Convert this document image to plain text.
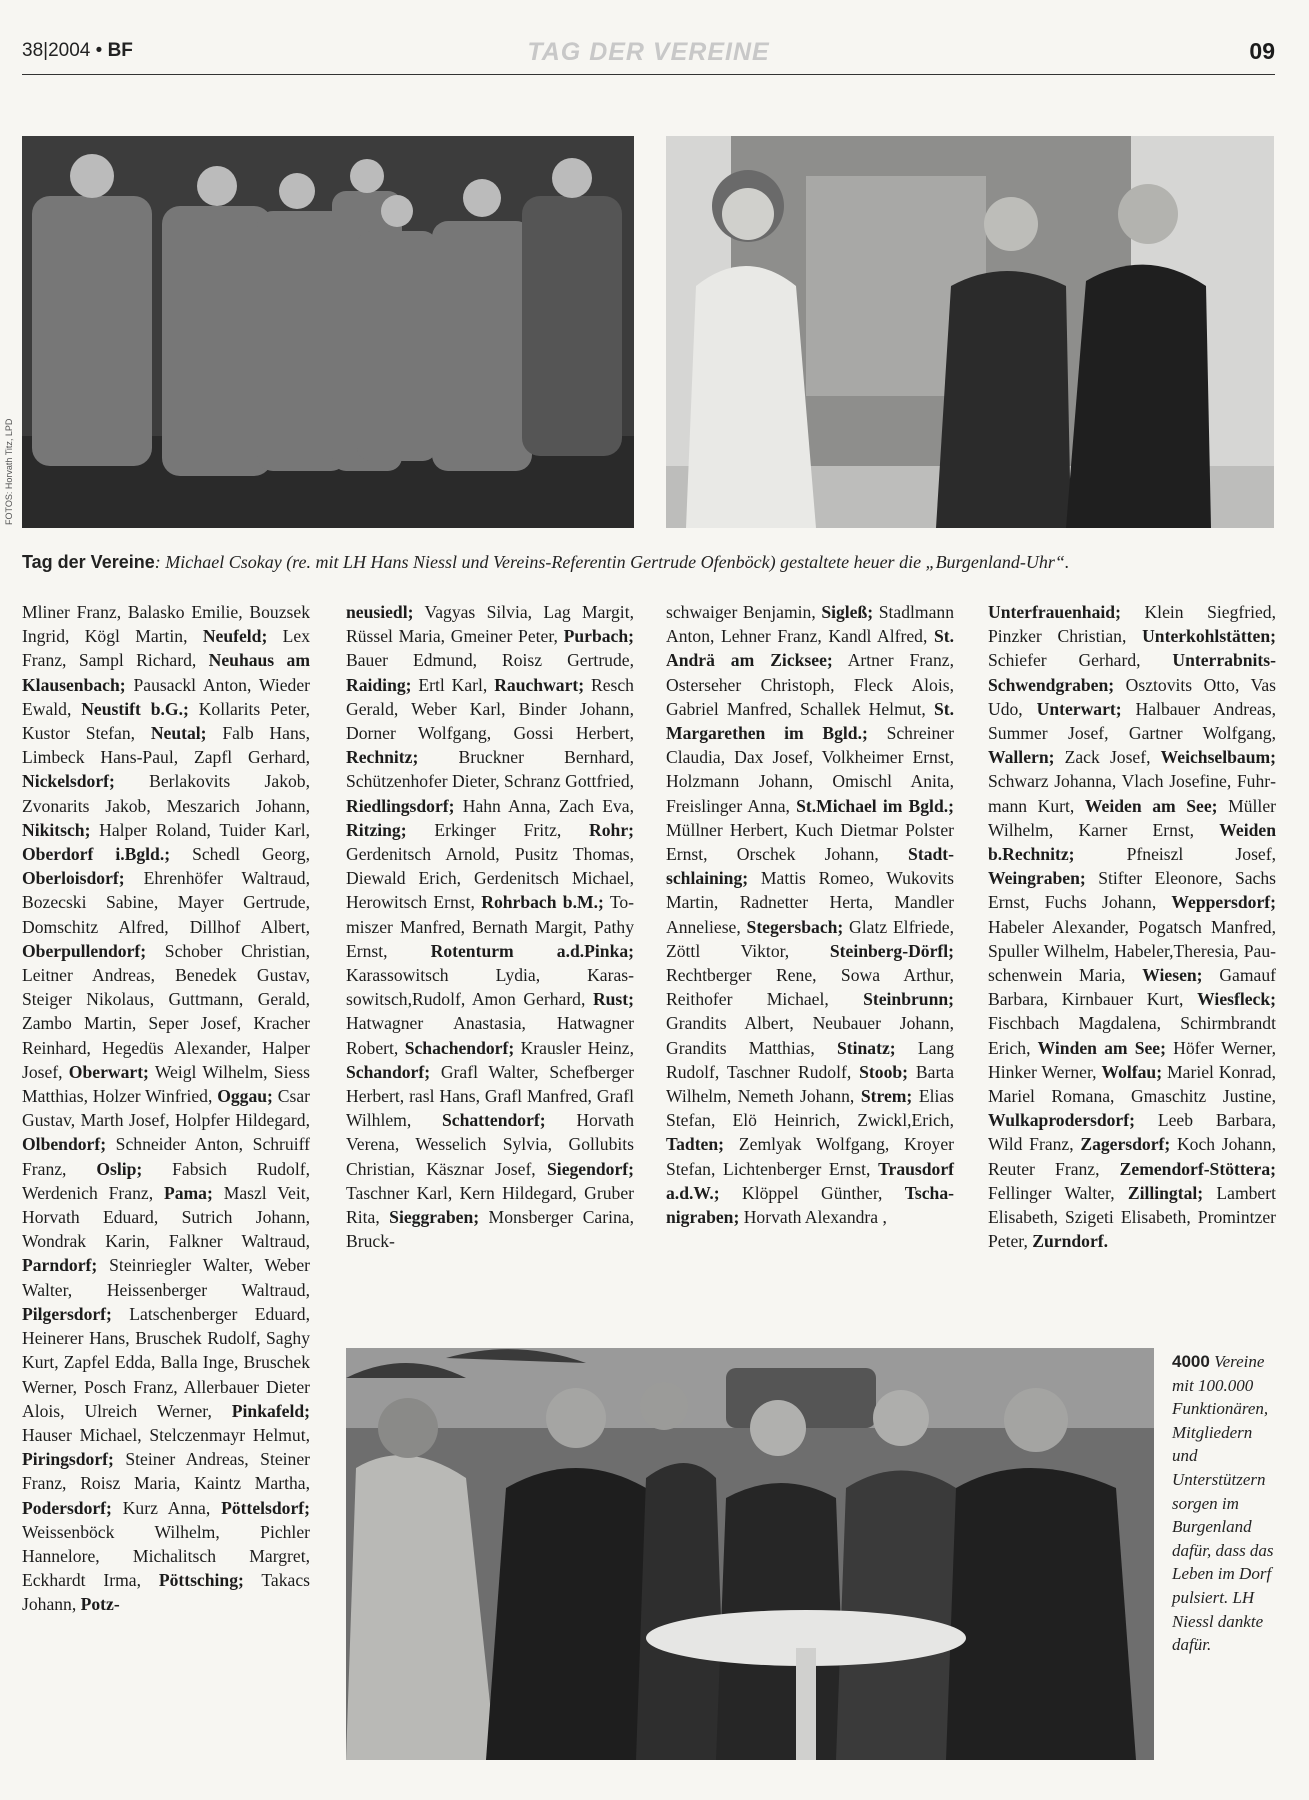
38|2004 • BF	TAG DER VEREINE	09
FOTOS: Horvath Titz, LPD
Tag der Vereine: Michael Csokay (re. mit LH Hans Niessl und Vereins-Referentin Gertrude Ofenböck) gestaltete heuer die „Burgenland-Uhr“.
Mliner Franz, Balasko Emilie, Bouzsek Ingrid, Kögl Martin, Neufeld; Lex Franz, Sampl Richard, Neuhaus am Klausenbach; Pausackl Anton, Wieder Ewald, Neustift b.G.; Kollarits Peter, Kustor Stefan, Neutal; Falb Hans, Limbeck Hans-Paul, Zapfl Gerhard, Nickelsdorf; Berlakovits Jakob, Zvonarits Jakob, Meszarich Johann, Nikitsch; Halper Roland, Tuider Karl, Oberdorf i.Bgld.; Schedl Georg, Oberloisdorf; Ehrenhöfer Waltraud, Bozecski Sabine, Mayer Gertrude, Domschitz Alfred, Dillhof Albert, Oberpullendorf; Schober Christian, Leitner Andreas, Benedek Gustav, Steiger Nikolaus, Guttmann, Gerald, Zambo Martin, Seper Josef, Kracher Reinhard, Hegedüs Alexander, Halper Josef, Oberwart; Weigl Wilhelm, Siess Matthias, Holzer Winfried, Oggau; Csar Gustav, Marth Josef, Holpfer Hildegard, Olbendorf; Schneider Anton, Schruiff Franz, Oslip; Fabsich Rudolf, Werdenich Franz, Pama; Maszl Veit, Horvath Eduard, Sutrich Johann, Wondrak Karin, Falkner Waltraud, Parndorf; Steinriegler Walter, Weber Walter, Heissenberger Waltraud, Pilgersdorf; Latschenberger Eduard, Heinerer Hans, Bruschek Rudolf, Saghy Kurt, Zapfel Edda, Balla Inge, Bruschek Werner, Posch Franz, Allerbauer Dieter Alois, Ulreich Werner, Pinkafeld; Hauser Michael, Stelczenmayr Helmut, Piringsdorf; Steiner Andreas, Steiner Franz, Roisz Maria, Kaintz Martha, Podersdorf; Kurz Anna, Pöttelsdorf; Weissenböck Wilhelm, Pichler Hannelore, Michalitsch Margret, Eckhardt Irma, Pöttsching; Takacs Johann, Potz-
neusiedl; Vagyas Silvia, Lag Margit, Rüssel Maria, Gmeiner Peter, Purbach; Bauer Edmund, Roisz Gertrude, Raiding; Ertl Karl, Rauchwart; Resch Gerald, Weber Karl, Binder Johann, Dorner Wolfgang, Gossi Herbert, Rechnitz; Bruckner Bernhard, Schützenhofer Dieter, Schranz Gottfried, Riedlingsdorf; Hahn Anna, Zach Eva, Ritzing; Erkinger Fritz, Rohr; Gerdenitsch Arnold, Pusitz Thomas, Diewald Erich, Gerdenitsch Michael, Herowitsch Ernst, Rohrbach b.M.; Tomiszer Manfred, Bernath Margit, Pathy Ernst, Rotenturm a.d.Pinka; Karassowitsch Lydia, Karassowitsch,Rudolf, Amon Gerhard, Rust; Hatwagner Anastasia, Hatwagner Robert, Schachendorf; Krausler Heinz, Schandorf; Grafl Walter, Schefberger Herbert, rasl Hans, Grafl Manfred, Grafl Wilhlem, Schattendorf; Horvath Verena, Wesselich Sylvia, Gollubits Christian, Käsznar Josef, Siegendorf; Taschner Karl, Kern Hildegard, Gruber Rita, Sieggraben; Monsberger Carina, Bruck-
schwaiger Benjamin, Sigleß; Stadlmann Anton, Lehner Franz, Kandl Alfred, St. Andrä am Zicksee; Artner Franz, Osterseher Christoph, Fleck Alois, Gabriel Manfred, Schallek Helmut, St. Margarethen im Bgld.; Schreiner Claudia, Dax Josef, Volkheimer Ernst, Holzmann Johann, Omischl Anita, Freislinger Anna, St.Michael im Bgld.; Müllner Herbert, Kuch Dietmar Polster Ernst, Orschek Johann, Stadtschlaining; Mattis Romeo, Wukovits Martin, Radnetter Herta, Mandler Anneliese, Stegersbach; Glatz Elfriede, Zöttl Viktor, Steinberg-Dörfl; Rechtberger Rene, Sowa Arthur, Reithofer Michael, Steinbrunn; Grandits Albert, Neubauer Johann, Grandits Matthias, Stinatz; Lang Rudolf, Taschner Rudolf, Stoob; Barta Wilhelm, Nemeth Johann, Strem; Elias Stefan, Elö Heinrich, Zwickl,Erich, Tadten; Zemlyak Wolfgang, Kroyer Stefan, Lichtenberger Ernst, Trausdorf a.d.W.; Klöppel Günther, Tschanigraben; Horvath Alexandra ,
Unterfrauenhaid; Klein Siegfried, Pinzker Christian, Unterkohlstätten; Schiefer Gerhard, Unterrabnits-Schwendgraben; Osztovits Otto, Vas Udo, Unterwart; Halbauer Andreas, Summer Josef, Gartner Wolfgang, Wallern; Zack Josef, Weichselbaum; Schwarz Johanna, Vlach Josefine, Fuhrmann Kurt, Weiden am See; Müller Wilhelm, Karner Ernst, Weiden b.Rechnitz; Pfneiszl Josef, Weingraben; Stifter Eleonore, Sachs Ernst, Fuchs Johann, Weppersdorf; Habeler Alexander, Pogatsch Manfred, Spuller Wilhelm, Habeler,Theresia, Pauschenwein Maria, Wiesen; Gamauf Barbara, Kirnbauer Kurt, Wiesfleck; Fischbach Magdalena, Schirmbrandt Erich, Winden am See; Höfer Werner, Hinker Werner, Wolfau; Mariel Konrad, Mariel Romana, Gmaschitz Justine, Wulkaprodersdorf; Leeb Barbara, Wild Franz, Zagersdorf; Koch Johann, Reuter Franz, Zemendorf-Stöttera; Fellinger Walter, Zillingtal; Lambert Elisabeth, Szigeti Elisabeth, Promintzer Peter, Zurndorf.
4000 Vereine mit 100.000 Funktionären, Mitgliedern und Unterstützern sorgen im Burgenland dafür, dass das Leben im Dorf pulsiert. LH Niessl dankte dafür.
